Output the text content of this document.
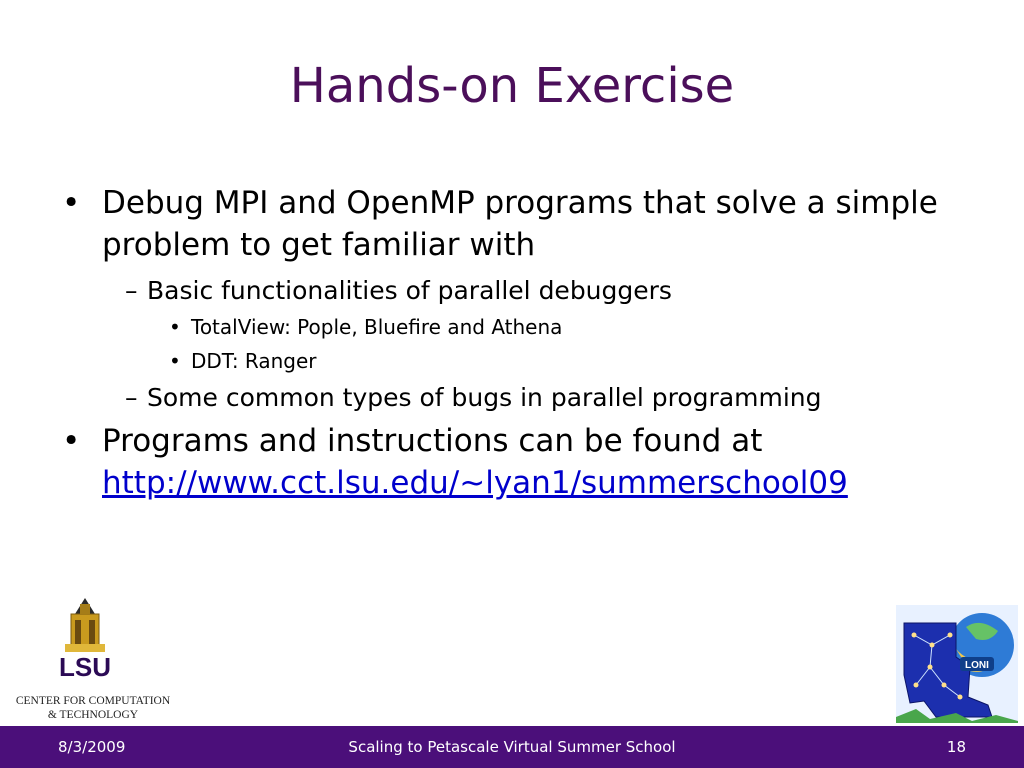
Hands-on Exercise
• Debug MPI and OpenMP programs that solve a simple problem to get familiar with
– Basic functionalities of parallel debuggers
• TotalView: Pople, Bluefire and Athena
• DDT: Ranger
– Some common types of bugs in parallel programming
• Programs and instructions can be found at
http://www.cct.lsu.edu/~lyan1/summerschool09
LSU
CENTER FOR COMPUTATION
& TECHNOLOGY
LONI
8/3/2009	Scaling to Petascale Virtual Summer School	18
